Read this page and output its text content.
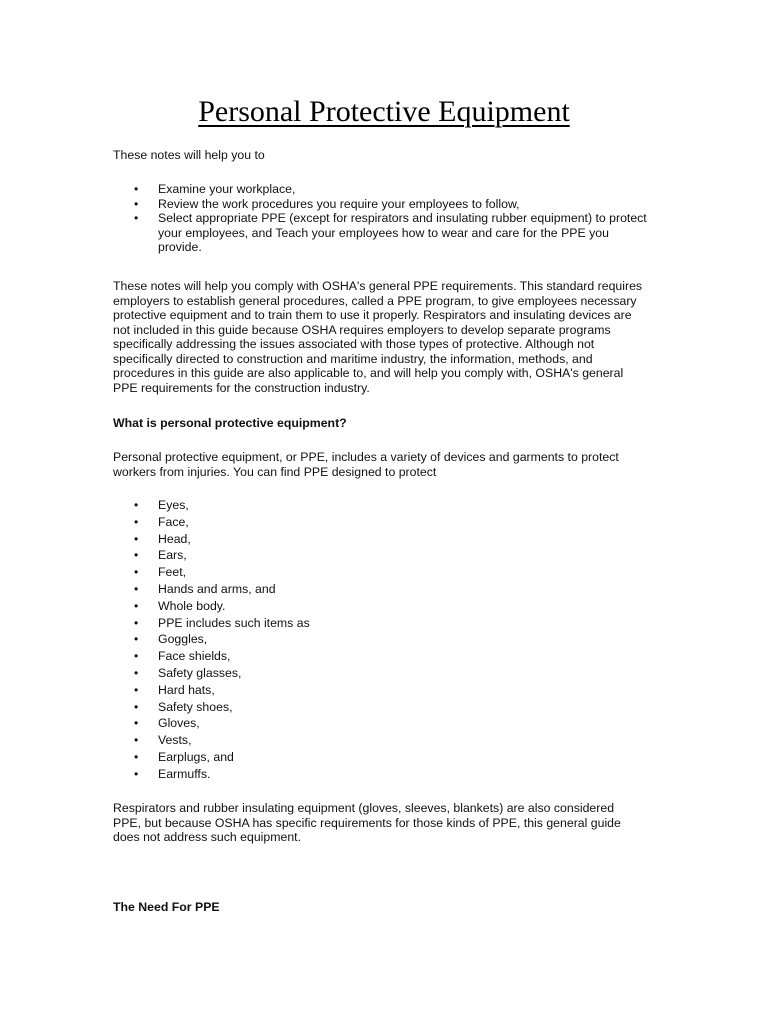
Personal Protective Equipment

These notes will help you to

• Examine your workplace,
• Review the work procedures you require your employees to follow,
• Select appropriate PPE (except for respirators and insulating rubber equipment) to protect your employees, and Teach your employees how to wear and care for the PPE you provide.

These notes will help you comply with OSHA's general PPE requirements. This standard requires employers to establish general procedures, called a PPE program, to give employees necessary protective equipment and to train them to use it properly. Respirators and insulating devices are not included in this guide because OSHA requires employers to develop separate programs specifically addressing the issues associated with those types of protective. Although not specifically directed to construction and maritime industry, the information, methods, and procedures in this guide are also applicable to, and will help you comply with, OSHA's general PPE requirements for the construction industry.

What is personal protective equipment?

Personal protective equipment, or PPE, includes a variety of devices and garments to protect workers from injuries. You can find PPE designed to protect

• Eyes,
• Face,
• Head,
• Ears,
• Feet,
• Hands and arms, and
• Whole body.
• PPE includes such items as
• Goggles,
• Face shields,
• Safety glasses,
• Hard hats,
• Safety shoes,
• Gloves,
• Vests,
• Earplugs, and
• Earmuffs.

Respirators and rubber insulating equipment (gloves, sleeves, blankets) are also considered PPE, but because OSHA has specific requirements for those kinds of PPE, this general guide does not address such equipment.

The Need For PPE
